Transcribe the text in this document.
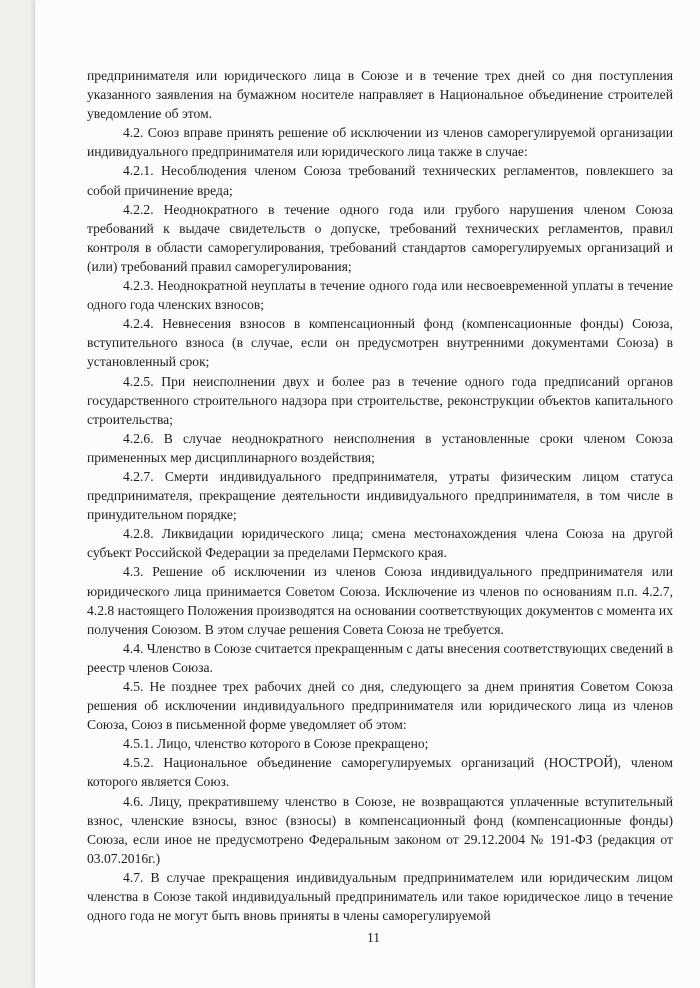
предпринимателя или юридического лица в Союзе и в течение трех дней со дня поступления указанного заявления на бумажном носителе направляет в Национальное объединение строителей уведомление об этом.

4.2. Союз вправе принять решение об исключении из членов саморегулируемой организации индивидуального предпринимателя или юридического лица также в случае:

4.2.1. Несоблюдения членом Союза требований технических регламентов, повлекшего за собой причинение вреда;

4.2.2. Неоднократного в течение одного года или грубого нарушения членом Союза требований к выдаче свидетельств о допуске, требований технических регламентов, правил контроля в области саморегулирования, требований стандартов саморегулируемых организаций и (или) требований правил саморегулирования;

4.2.3. Неоднократной неуплаты в течение одного года или несвоевременной уплаты в течение одного года членских взносов;

4.2.4. Невнесения взносов в компенсационный фонд (компенсационные фонды) Союза, вступительного взноса (в случае, если он предусмотрен внутренними документами Союза) в установленный срок;

4.2.5. При неисполнении двух и более раз в течение одного года предписаний органов государственного строительного надзора при строительстве, реконструкции объектов капитального строительства;

4.2.6. В случае неоднократного неисполнения в установленные сроки членом Союза примененных мер дисциплинарного воздействия;

4.2.7. Смерти индивидуального предпринимателя, утраты физическим лицом статуса предпринимателя, прекращение деятельности индивидуального предпринимателя, в том числе в принудительном порядке;

4.2.8. Ликвидации юридического лица; смена местонахождения члена Союза на другой субъект Российской Федерации за пределами Пермского края.

4.3. Решение об исключении из членов Союза индивидуального предпринимателя или юридического лица принимается Советом Союза. Исключение из членов по основаниям п.п. 4.2.7, 4.2.8 настоящего Положения производятся на основании соответствующих документов с момента их получения Союзом. В этом случае решения Совета Союза не требуется.

4.4. Членство в Союзе считается прекращенным с даты внесения соответствующих сведений в реестр членов Союза.

4.5. Не позднее трех рабочих дней со дня, следующего за днем принятия Советом Союза решения об исключении индивидуального предпринимателя или юридического лица из членов Союза, Союз в письменной форме уведомляет об этом:

4.5.1. Лицо, членство которого в Союзе прекращено;

4.5.2. Национальное объединение саморегулируемых организаций (НОСТРОЙ), членом которого является Союз.

4.6. Лицу, прекратившему членство в Союзе, не возвращаются уплаченные вступительный взнос, членские взносы, взнос (взносы) в компенсационный фонд (компенсационные фонды) Союза, если иное не предусмотрено Федеральным законом от 29.12.2004 № 191-ФЗ (редакция от 03.07.2016г.)

4.7. В случае прекращения индивидуальным предпринимателем или юридическим лицом членства в Союзе такой индивидуальный предприниматель или такое юридическое лицо в течение одного года не могут быть вновь приняты в члены саморегулируемой

11
